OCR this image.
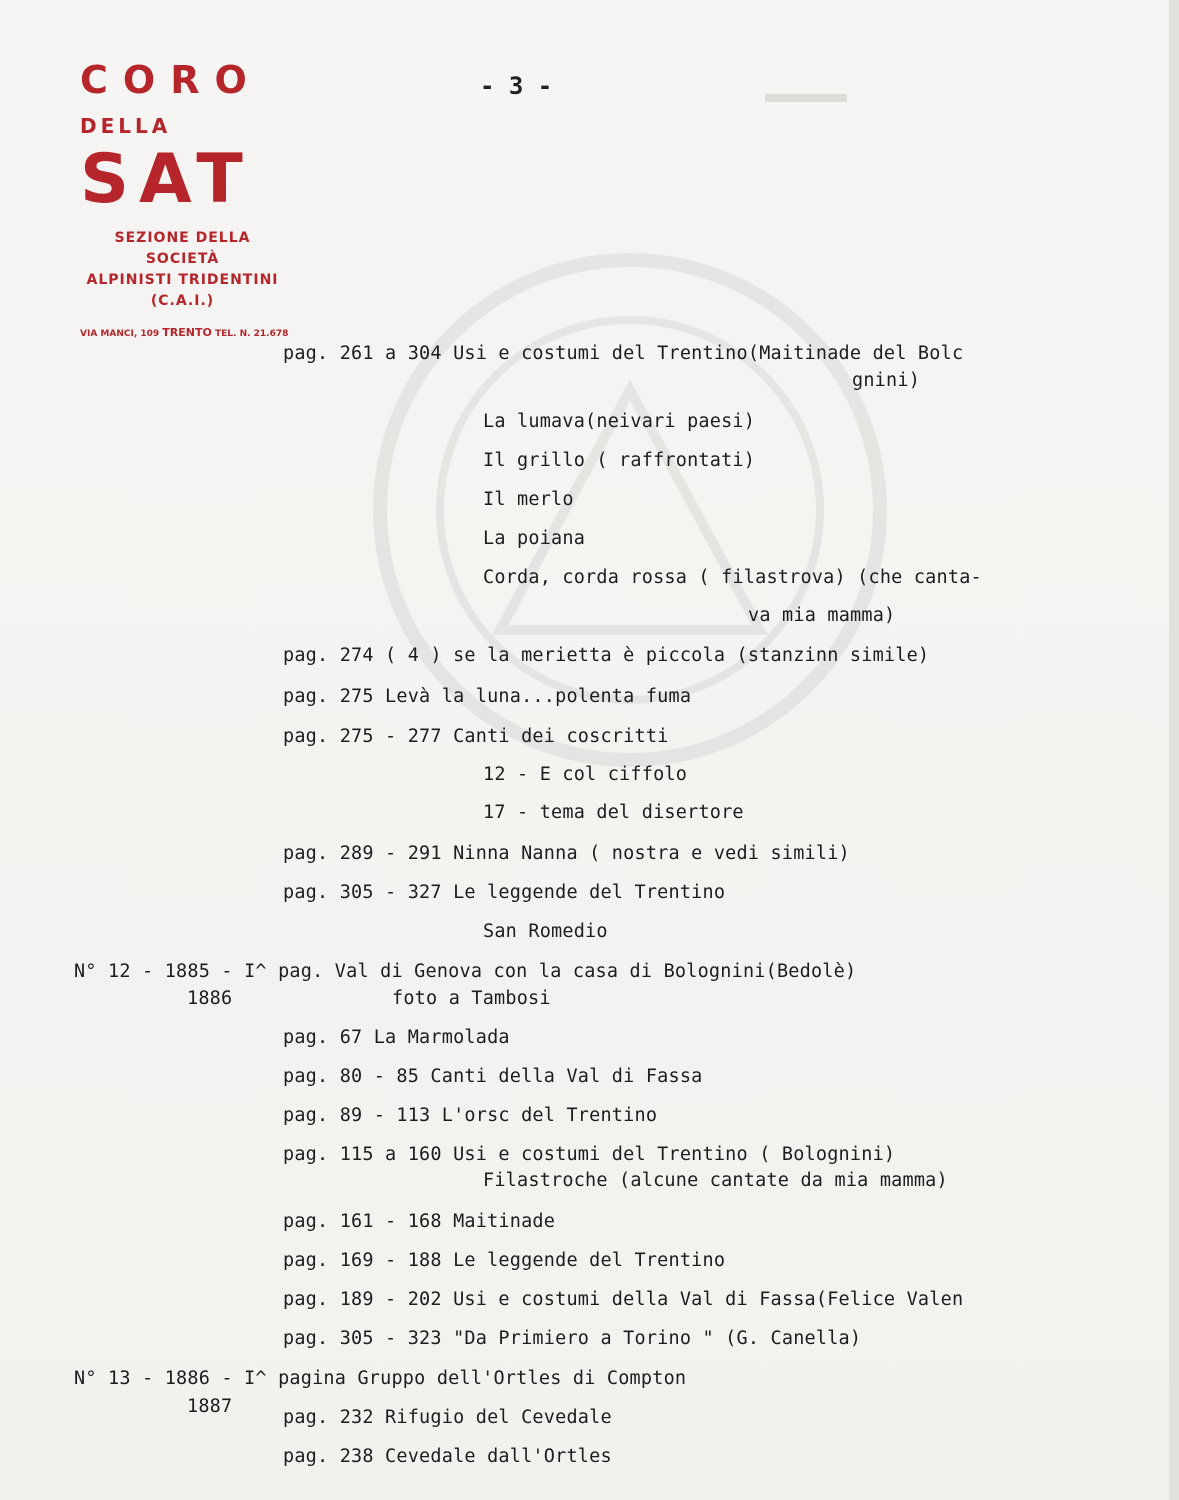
CORO
DELLA
SAT
SEZIONE DELLA SOCIETÀ
ALPINISTI TRIDENTINI
(C.A.I.)
VIA MANCI, 109 TRENTO TEL. N. 21.678
- 3 -
pag. 261 a 304 Usi e costumi del Trentino(Maitinade del Bolc
gnini)
La lumava(neivari paesi)
Il grillo ( raffrontati)
Il merlo
La poiana
Corda, corda rossa ( filastrova) (che canta-
va mia mamma)
pag. 274 ( 4 ) se la merietta è piccola (stanzinn simile)
pag. 275 Levà la luna...polenta fuma
pag. 275 - 277 Canti dei coscritti
12 - E col ciffolo
17 - tema del disertore
pag. 289 - 291 Ninna Nanna ( nostra e vedi simili)
pag. 305 - 327 Le leggende del Trentino
San Romedio
N° 12 - 1885 - I^ pag. Val di Genova con la casa di Bolognini(Bedolè)
1886	foto a Tambosi
pag. 67 La Marmolada
pag. 80 - 85 Canti della Val di Fassa
pag. 89 - 113 L'orsc del Trentino
pag. 115 a 160 Usi e costumi del Trentino ( Bolognini)
Filastroche (alcune cantate da mia mamma)
pag. 161 - 168 Maitinade
pag. 169 - 188 Le leggende del Trentino
pag. 189 - 202 Usi e costumi della Val di Fassa(Felice Valen
pag. 305 - 323 "Da Primiero a Torino " (G. Canella)
N° 13 - 1886 - I^ pagina Gruppo dell'Ortles di Compton
1887
pag. 232 Rifugio del Cevedale
pag. 238 Cevedale dall'Ortles
